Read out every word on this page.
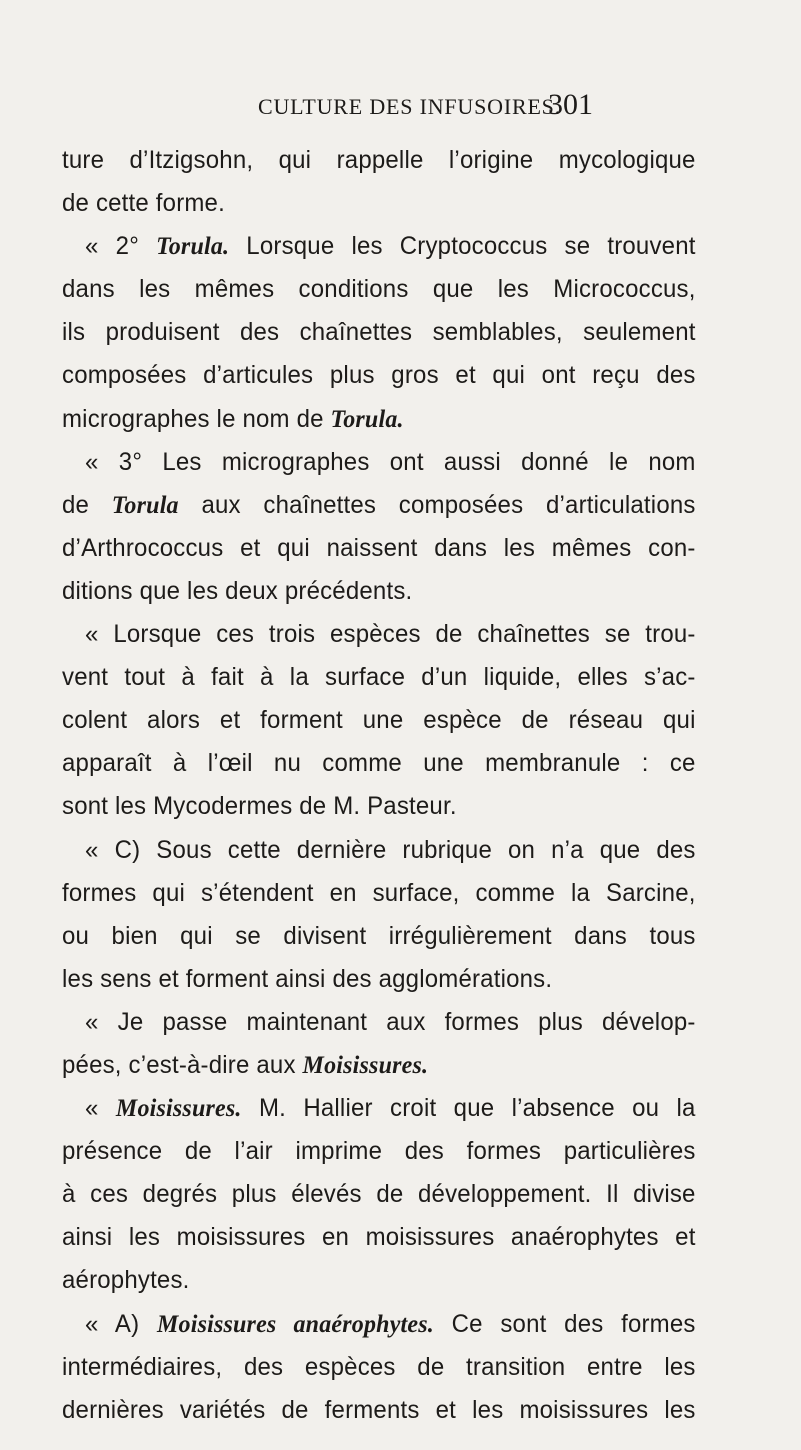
CULTURE DES INFUSOIRES.
301
ture d’Itzigsohn, qui rappelle l’origine mycologique
de cette forme.
« 2° Torula. Lorsque les Cryptococcus se trouvent
dans les mêmes conditions que les Micrococcus,
ils produisent des chaînettes semblables, seulement
composées d’articules plus gros et qui ont reçu des
micrographes le nom de Torula.
« 3° Les micrographes ont aussi donné le nom
de Torula aux chaînettes composées d’articulations
d’Arthrococcus et qui naissent dans les mêmes con-
ditions que les deux précédents.
« Lorsque ces trois espèces de chaînettes se trou-
vent tout à fait à la surface d’un liquide, elles s’ac-
colent alors et forment une espèce de réseau qui
apparaît à l’œil nu comme une membranule : ce
sont les Mycodermes de M. Pasteur.
« C) Sous cette dernière rubrique on n’a que des
formes qui s’étendent en surface, comme la Sarcine,
ou bien qui se divisent irrégulièrement dans tous
les sens et forment ainsi des agglomérations.
« Je passe maintenant aux formes plus dévelop-
pées, c’est-à-dire aux Moisissures.
« Moisissures. M. Hallier croit que l’absence ou la
présence de l’air imprime des formes particulières
à ces degrés plus élevés de développement. Il divise
ainsi les moisissures en moisissures anaérophytes et
aérophytes.
« A) Moisissures anaérophytes. Ce sont des formes
intermédiaires, des espèces de transition entre les
dernières variétés de ferments et les moisissures les
